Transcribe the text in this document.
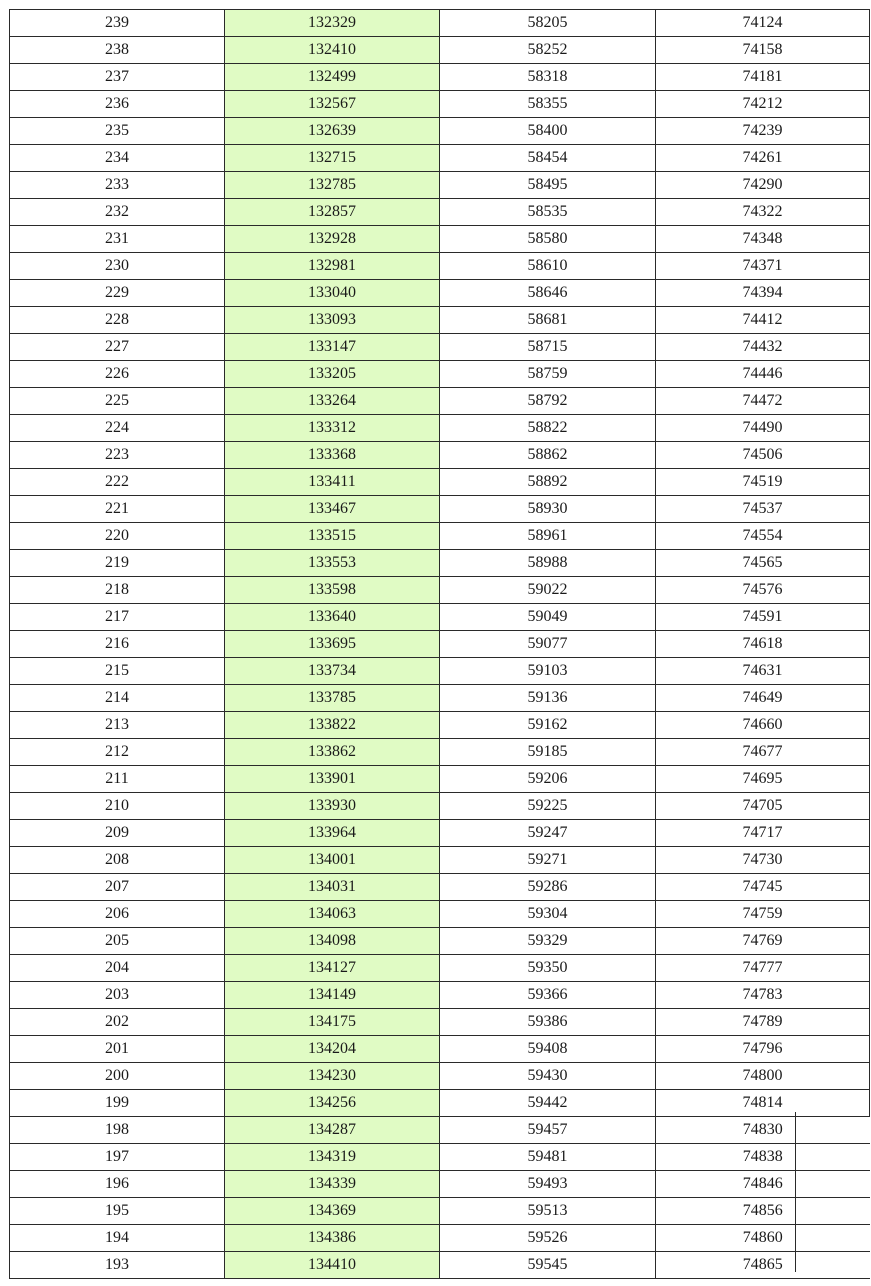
239	132329	58205	74124
238	132410	58252	74158
237	132499	58318	74181
236	132567	58355	74212
235	132639	58400	74239
234	132715	58454	74261
233	132785	58495	74290
232	132857	58535	74322
231	132928	58580	74348
230	132981	58610	74371
229	133040	58646	74394
228	133093	58681	74412
227	133147	58715	74432
226	133205	58759	74446
225	133264	58792	74472
224	133312	58822	74490
223	133368	58862	74506
222	133411	58892	74519
221	133467	58930	74537
220	133515	58961	74554
219	133553	58988	74565
218	133598	59022	74576
217	133640	59049	74591
216	133695	59077	74618
215	133734	59103	74631
214	133785	59136	74649
213	133822	59162	74660
212	133862	59185	74677
211	133901	59206	74695
210	133930	59225	74705
209	133964	59247	74717
208	134001	59271	74730
207	134031	59286	74745
206	134063	59304	74759
205	134098	59329	74769
204	134127	59350	74777
203	134149	59366	74783
202	134175	59386	74789
201	134204	59408	74796
200	134230	59430	74800
199	134256	59442	74814
198	134287	59457	74830
197	134319	59481	74838
196	134339	59493	74846
195	134369	59513	74856
194	134386	59526	74860
193	134410	59545	74865
